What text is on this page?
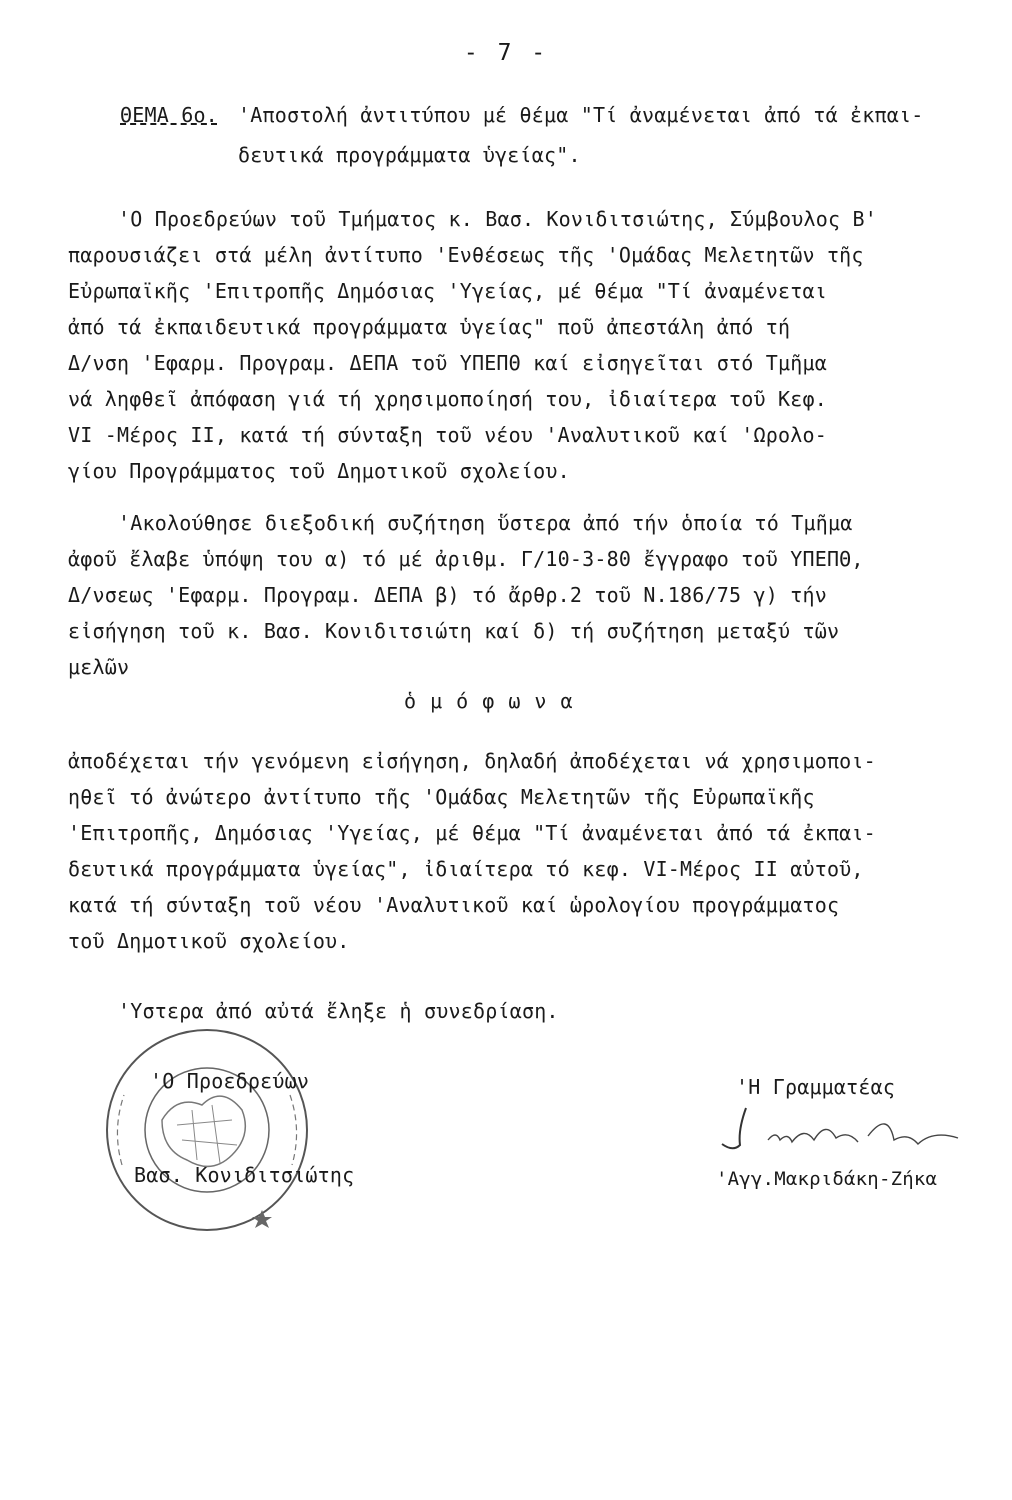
- 7 -
ΘΕΜΑ 6ο. 'Αποστολή ἀντιτύπου μέ θέμα "Τί ἀναμένεται ἀπό τά ἐκπαι-
δευτικά προγράμματα ὑγείας".
'Ο Προεδρεύων τοῦ Τμήματος κ. Βασ. Κονιδιτσιώτης, Σύμβουλος Β'
παρουσιάζει στά μέλη ἀντίτυπο 'Ενθέσεως τῆς 'Ομάδας Μελετητῶν τῆς
Εὐρωπαϊκῆς 'Επιτροπῆς Δημόσιας 'Υγείας, μέ θέμα "Τί ἀναμένεται
ἀπό τά ἐκπαιδευτικά προγράμματα ὑγείας" ποῦ ἀπεστάλη ἀπό τή
Δ/νση 'Εφαρμ. Προγραμ. ΔΕΠΑ τοῦ ΥΠΕΠΘ καί εἰσηγεῖται στό Τμῆμα
νά ληφθεῖ ἀπόφαση γιά τή χρησιμοποίησή του, ἰδιαίτερα τοῦ Κεφ.
VI -Μέρος ΙΙ, κατά τή σύνταξη τοῦ νέου 'Αναλυτικοῦ καί 'Ωρολο-
γίου Προγράμματος τοῦ Δημοτικοῦ σχολείου.
'Ακολούθησε διεξοδική συζήτηση ὕστερα ἀπό τήν ὁποία τό Τμῆμα
ἀφοῦ ἔλαβε ὑπόψη του α) τό μέ ἀριθμ. Γ/10-3-80 ἔγγραφο τοῦ ΥΠΕΠΘ,
Δ/νσεως 'Εφαρμ. Προγραμ. ΔΕΠΑ β) τό ἄρθρ.2 τοῦ Ν.186/75 γ) τήν
εἰσήγηση τοῦ κ. Βασ. Κονιδιτσιώτη καί δ) τή συζήτηση μεταξύ τῶν
μελῶν
ὁ μ ό φ ω ν α
ἀποδέχεται τήν γενόμενη εἰσήγηση, δηλαδή ἀποδέχεται νά χρησιμοποι-
ηθεῖ τό ἀνώτερο ἀντίτυπο τῆς 'Ομάδας Μελετητῶν τῆς Εὐρωπαϊκῆς
'Επιτροπῆς, Δημόσιας 'Υγείας, μέ θέμα "Τί ἀναμένεται ἀπό τά ἐκπαι-
δευτικά προγράμματα ὑγείας", ἰδιαίτερα τό κεφ. VI-Μέρος ΙΙ αὐτοῦ,
κατά τή σύνταξη τοῦ νέου 'Αναλυτικοῦ καί ὡρολογίου προγράμματος
τοῦ Δημοτικοῦ σχολείου.
'Υστερα ἀπό αὐτά ἔληξε ἡ συνεδρίαση.
'Ο Προεδρεύων
Βασ. Κονιδιτσιώτης
'Η Γραμματέας
'Αγγ.Μακριδάκη-Ζήκα
